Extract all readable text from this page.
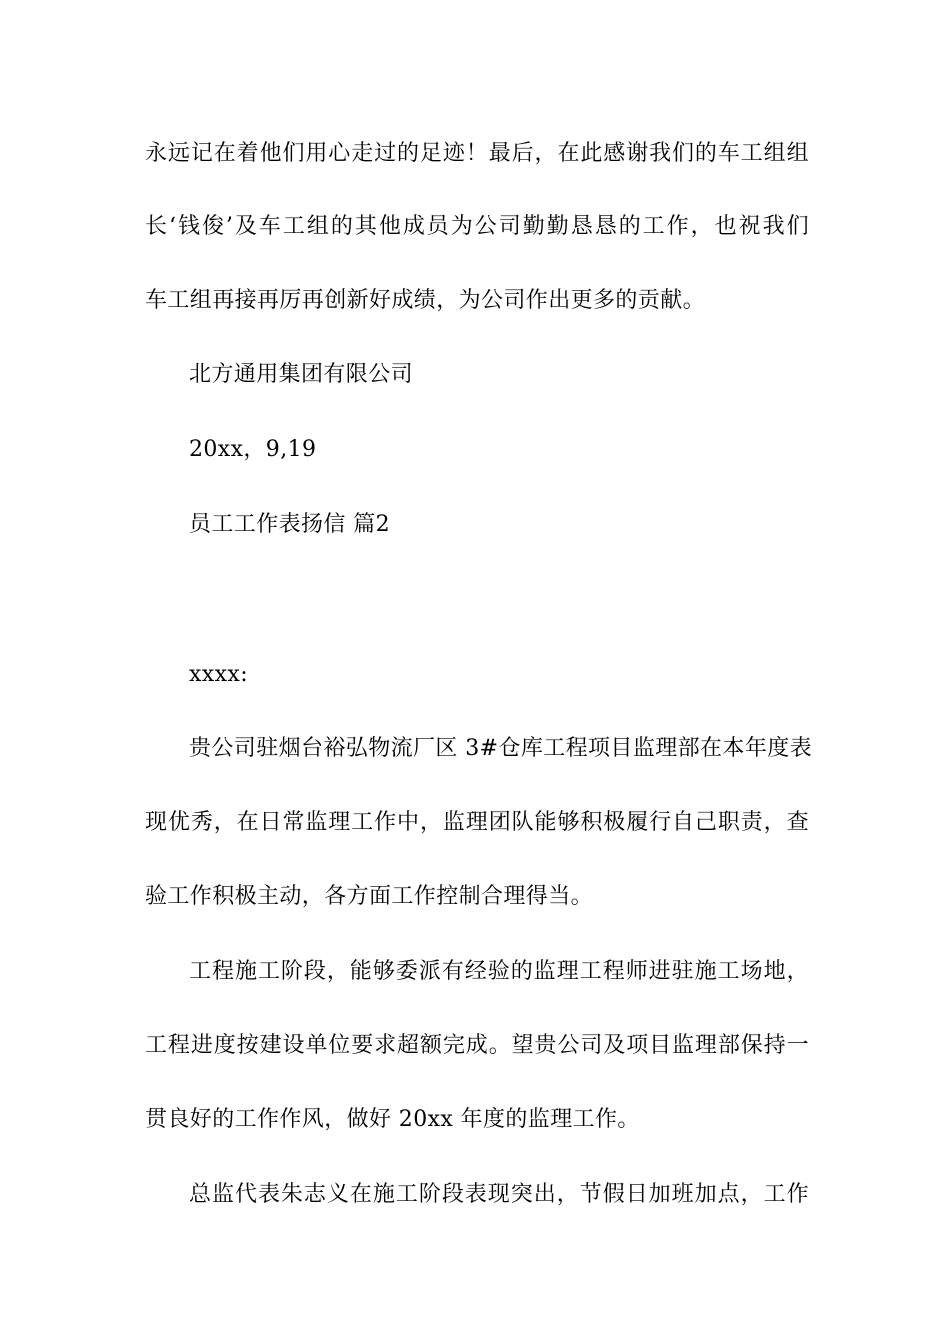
永远记在着他们用心走过的足迹！最后，在此感谢我们的车工组组
长‘钱俊’及车工组的其他成员为公司勤勤恳恳的工作，也祝我们
车工组再接再厉再创新好成绩，为公司作出更多的贡献。
北方通用集团有限公司
20xx，9,19
员工工作表扬信 篇2
xxxx:
贵公司驻烟台裕弘物流厂区 3#仓库工程项目监理部在本年度表
现优秀，在日常监理工作中，监理团队能够积极履行自己职责，查
验工作积极主动，各方面工作控制合理得当。
工程施工阶段，能够委派有经验的监理工程师进驻施工场地，
工程进度按建设单位要求超额完成。望贵公司及项目监理部保持一
贯良好的工作作风，做好 20xx 年度的监理工作。
总监代表朱志义在施工阶段表现突出，节假日加班加点，工作
